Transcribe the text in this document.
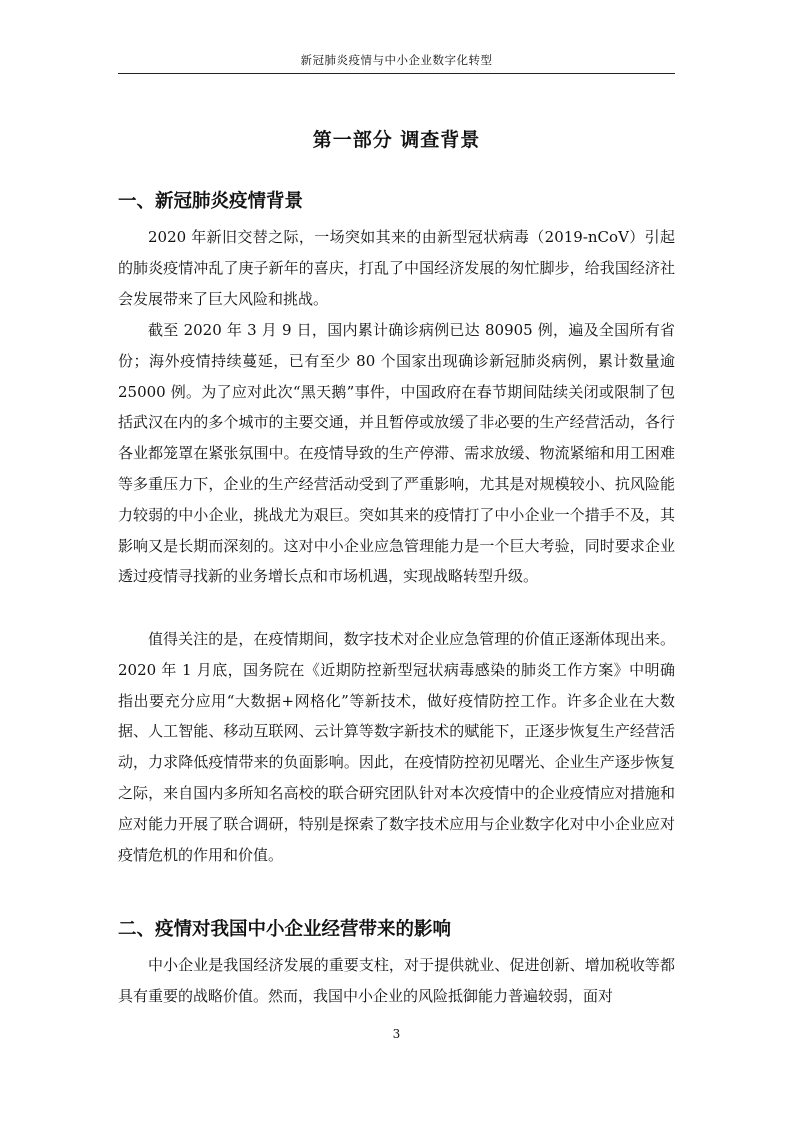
新冠肺炎疫情与中小企业数字化转型
第一部分 调查背景
一、新冠肺炎疫情背景

2020 年新旧交替之际，一场突如其来的由新型冠状病毒（2019-nCoV）引起的肺炎疫情冲乱了庚子新年的喜庆，打乱了中国经济发展的匆忙脚步，给我国经济社会发展带来了巨大风险和挑战。

截至 2020 年 3 月 9 日，国内累计确诊病例已达 80905 例，遍及全国所有省份；海外疫情持续蔓延，已有至少 80 个国家出现确诊新冠肺炎病例，累计数量逾 25000 例。为了应对此次“黑天鹅”事件，中国政府在春节期间陆续关闭或限制了包括武汉在内的多个城市的主要交通，并且暂停或放缓了非必要的生产经营活动，各行各业都笼罩在紧张氛围中。在疫情导致的生产停滞、需求放缓、物流紧缩和用工困难等多重压力下，企业的生产经营活动受到了严重影响，尤其是对规模较小、抗风险能力较弱的中小企业，挑战尤为艰巨。突如其来的疫情打了中小企业一个措手不及，其影响又是长期而深刻的。这对中小企业应急管理能力是一个巨大考验，同时要求企业透过疫情寻找新的业务增长点和市场机遇，实现战略转型升级。

值得关注的是，在疫情期间，数字技术对企业应急管理的价值正逐渐体现出来。2020 年 1 月底，国务院在《近期防控新型冠状病毒感染的肺炎工作方案》中明确指出要充分应用“大数据+网格化”等新技术，做好疫情防控工作。许多企业在大数据、人工智能、移动互联网、云计算等数字新技术的赋能下，正逐步恢复生产经营活动，力求降低疫情带来的负面影响。因此，在疫情防控初见曙光、企业生产逐步恢复之际，来自国内多所知名高校的联合研究团队针对本次疫情中的企业疫情应对措施和应对能力开展了联合调研，特别是探索了数字技术应用与企业数字化对中小企业应对疫情危机的作用和价值。

二、疫情对我国中小企业经营带来的影响

中小企业是我国经济发展的重要支柱，对于提供就业、促进创新、增加税收等都具有重要的战略价值。然而，我国中小企业的风险抵御能力普遍较弱，面对

3
